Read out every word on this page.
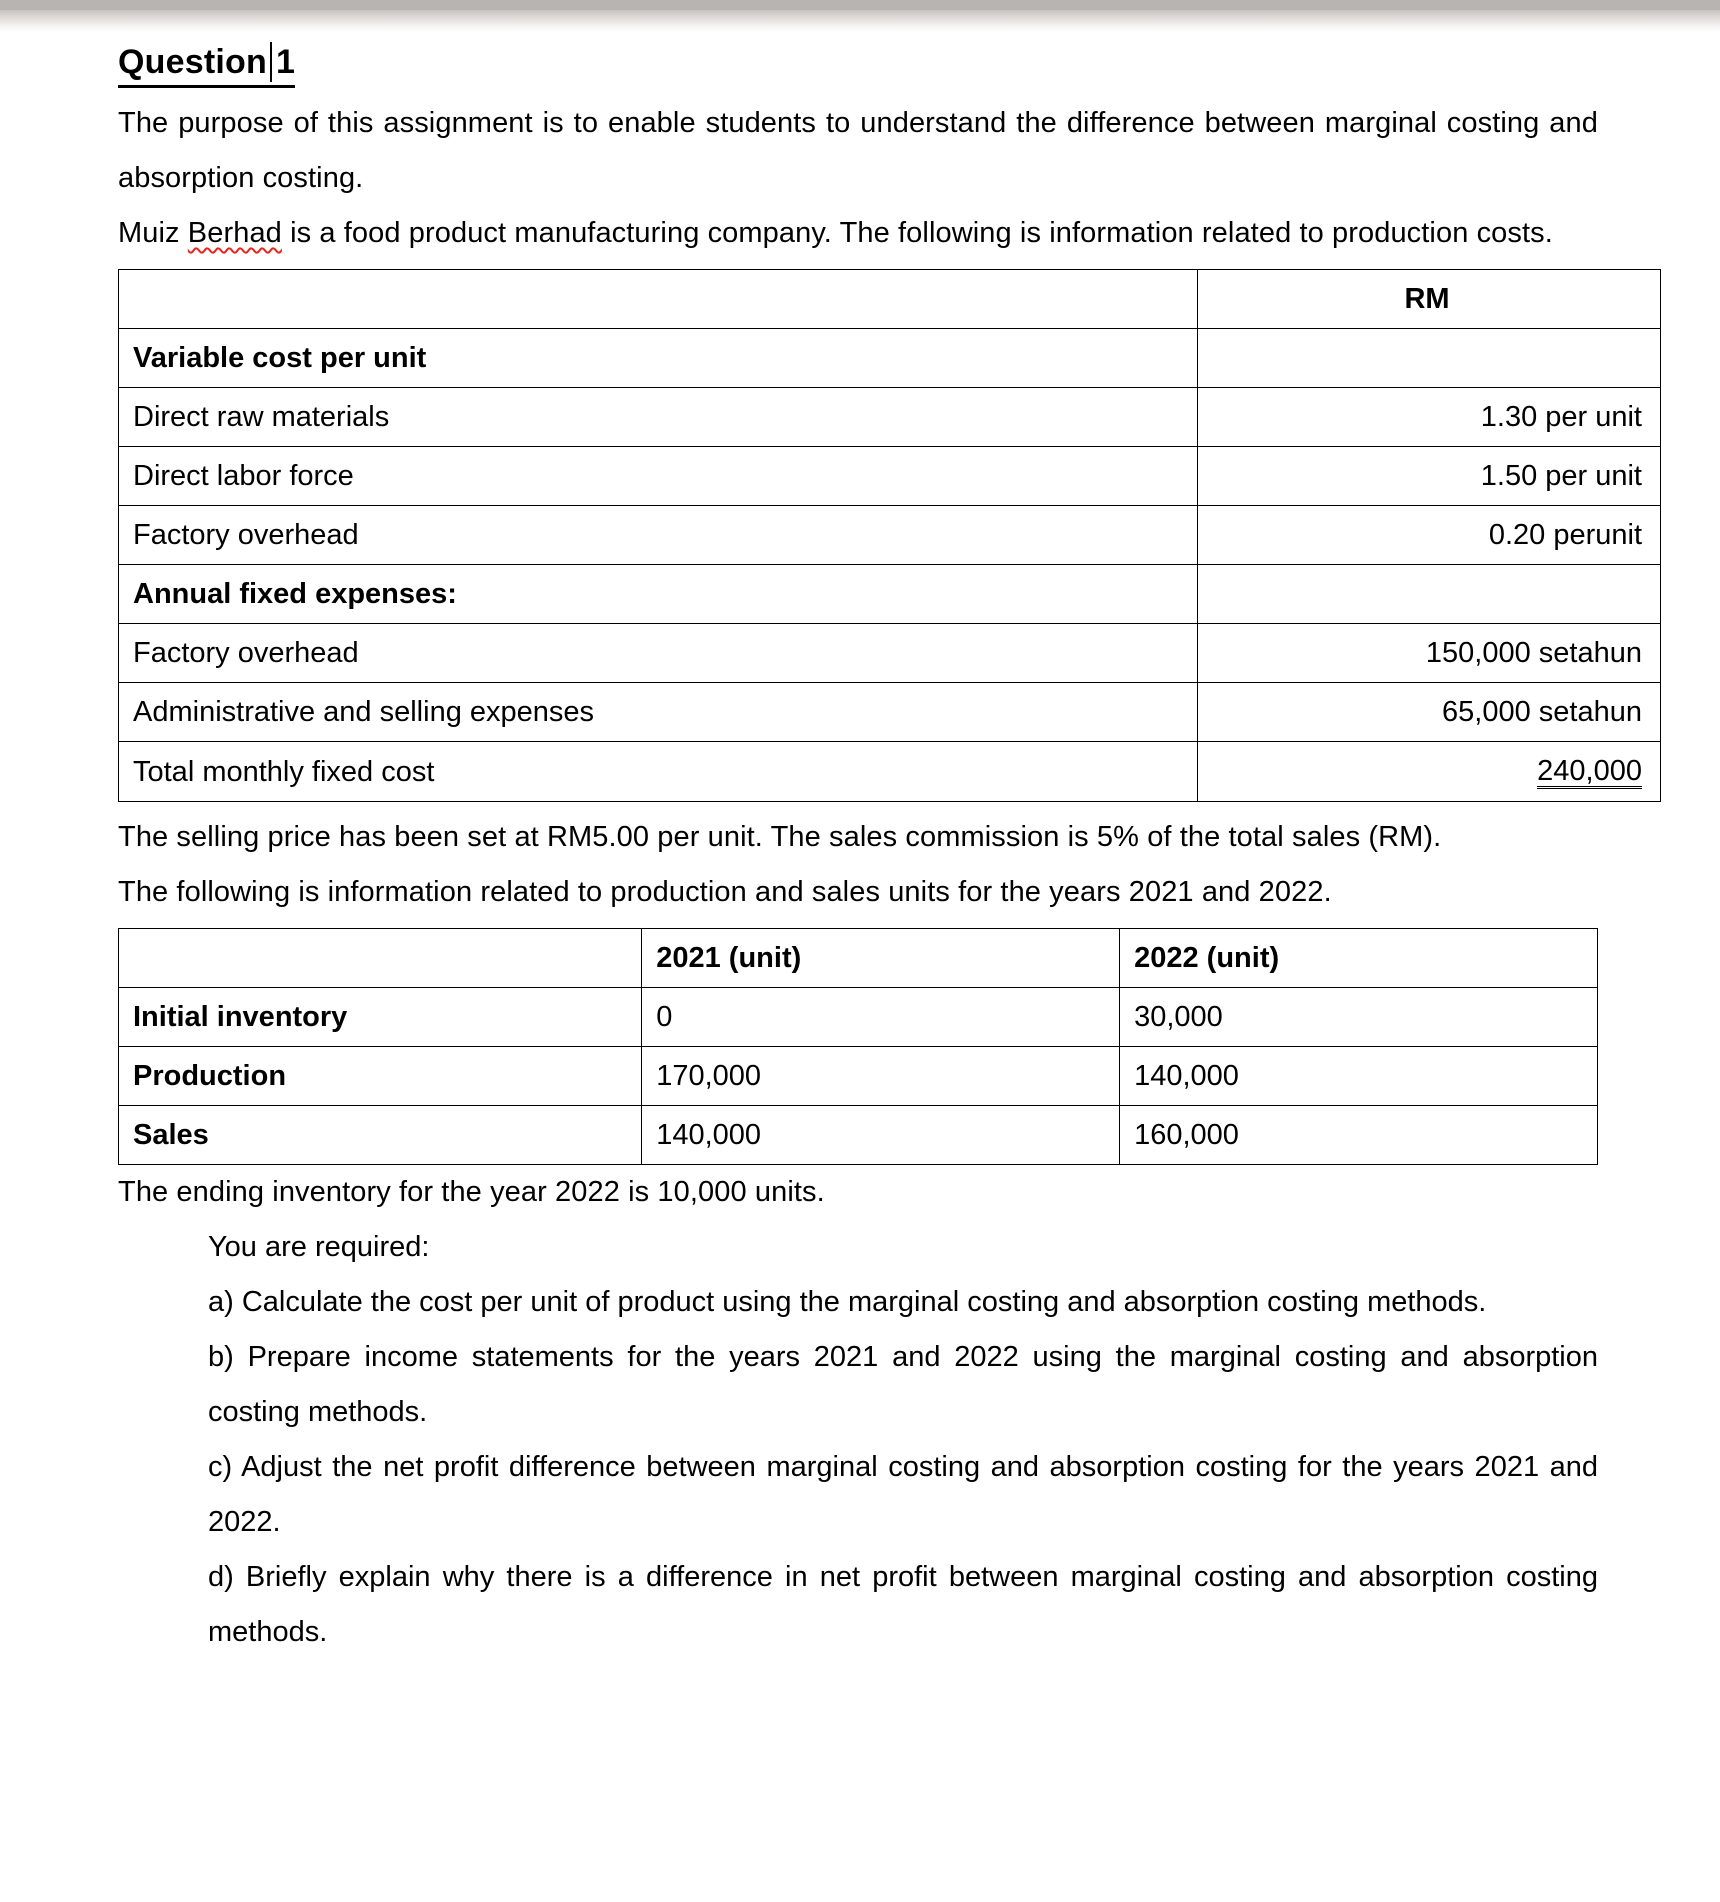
Question 1

The purpose of this assignment is to enable students to understand the difference between marginal costing and absorption costing.

Muiz Berhad is a food product manufacturing company. The following is information related to production costs.

	RM
Variable cost per unit	
Direct raw materials	1.30 per unit
Direct labor force	1.50 per unit
Factory overhead	0.20 perunit
Annual fixed expenses:	
Factory overhead	150,000 setahun
Administrative and selling expenses	65,000 setahun
Total monthly fixed cost	240,000

The selling price has been set at RM5.00 per unit. The sales commission is 5% of the total sales (RM).

The following is information related to production and sales units for the years 2021 and 2022.

	2021 (unit)	2022 (unit)
Initial inventory	0	30,000
Production	170,000	140,000
Sales	140,000	160,000

The ending inventory for the year 2022 is 10,000 units.

You are required:

a) Calculate the cost per unit of product using the marginal costing and absorption costing methods.

b) Prepare income statements for the years 2021 and 2022 using the marginal costing and absorption costing methods.

c) Adjust the net profit difference between marginal costing and absorption costing for the years 2021 and 2022.

d) Briefly explain why there is a difference in net profit between marginal costing and absorption costing methods.
